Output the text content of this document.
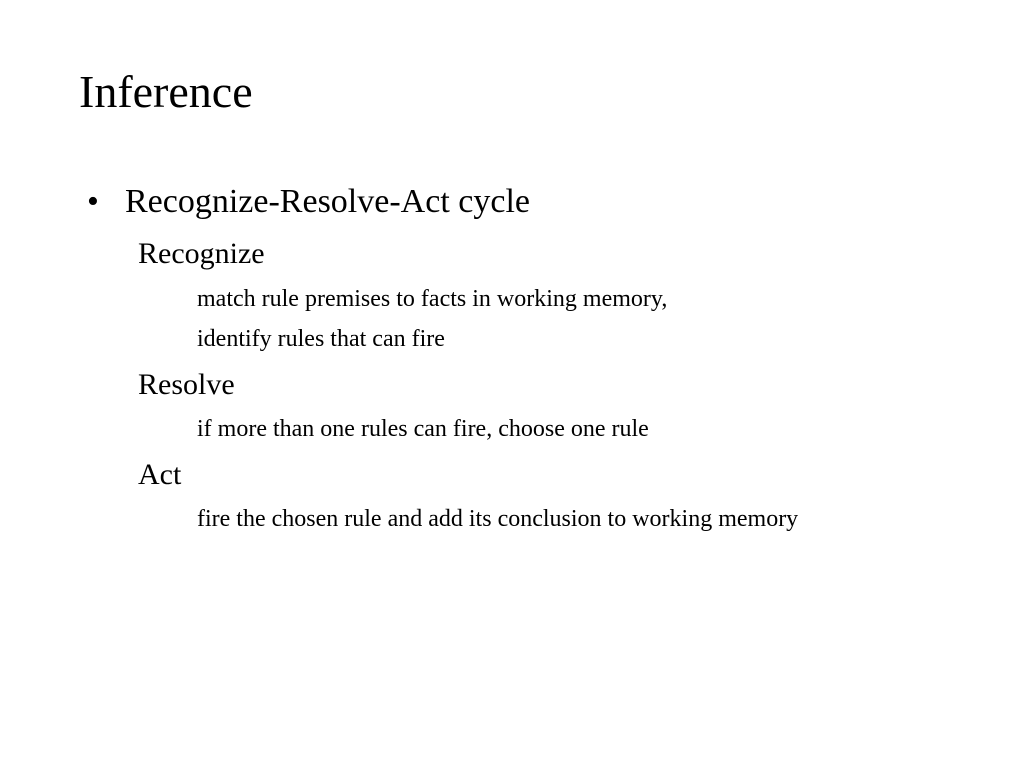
Inference
• Recognize-Resolve-Act cycle
Recognize
match rule premises to facts in working memory,
identify rules that can fire
Resolve
if more than one rules can fire, choose one rule
Act
fire the chosen rule and add its conclusion to working memory
